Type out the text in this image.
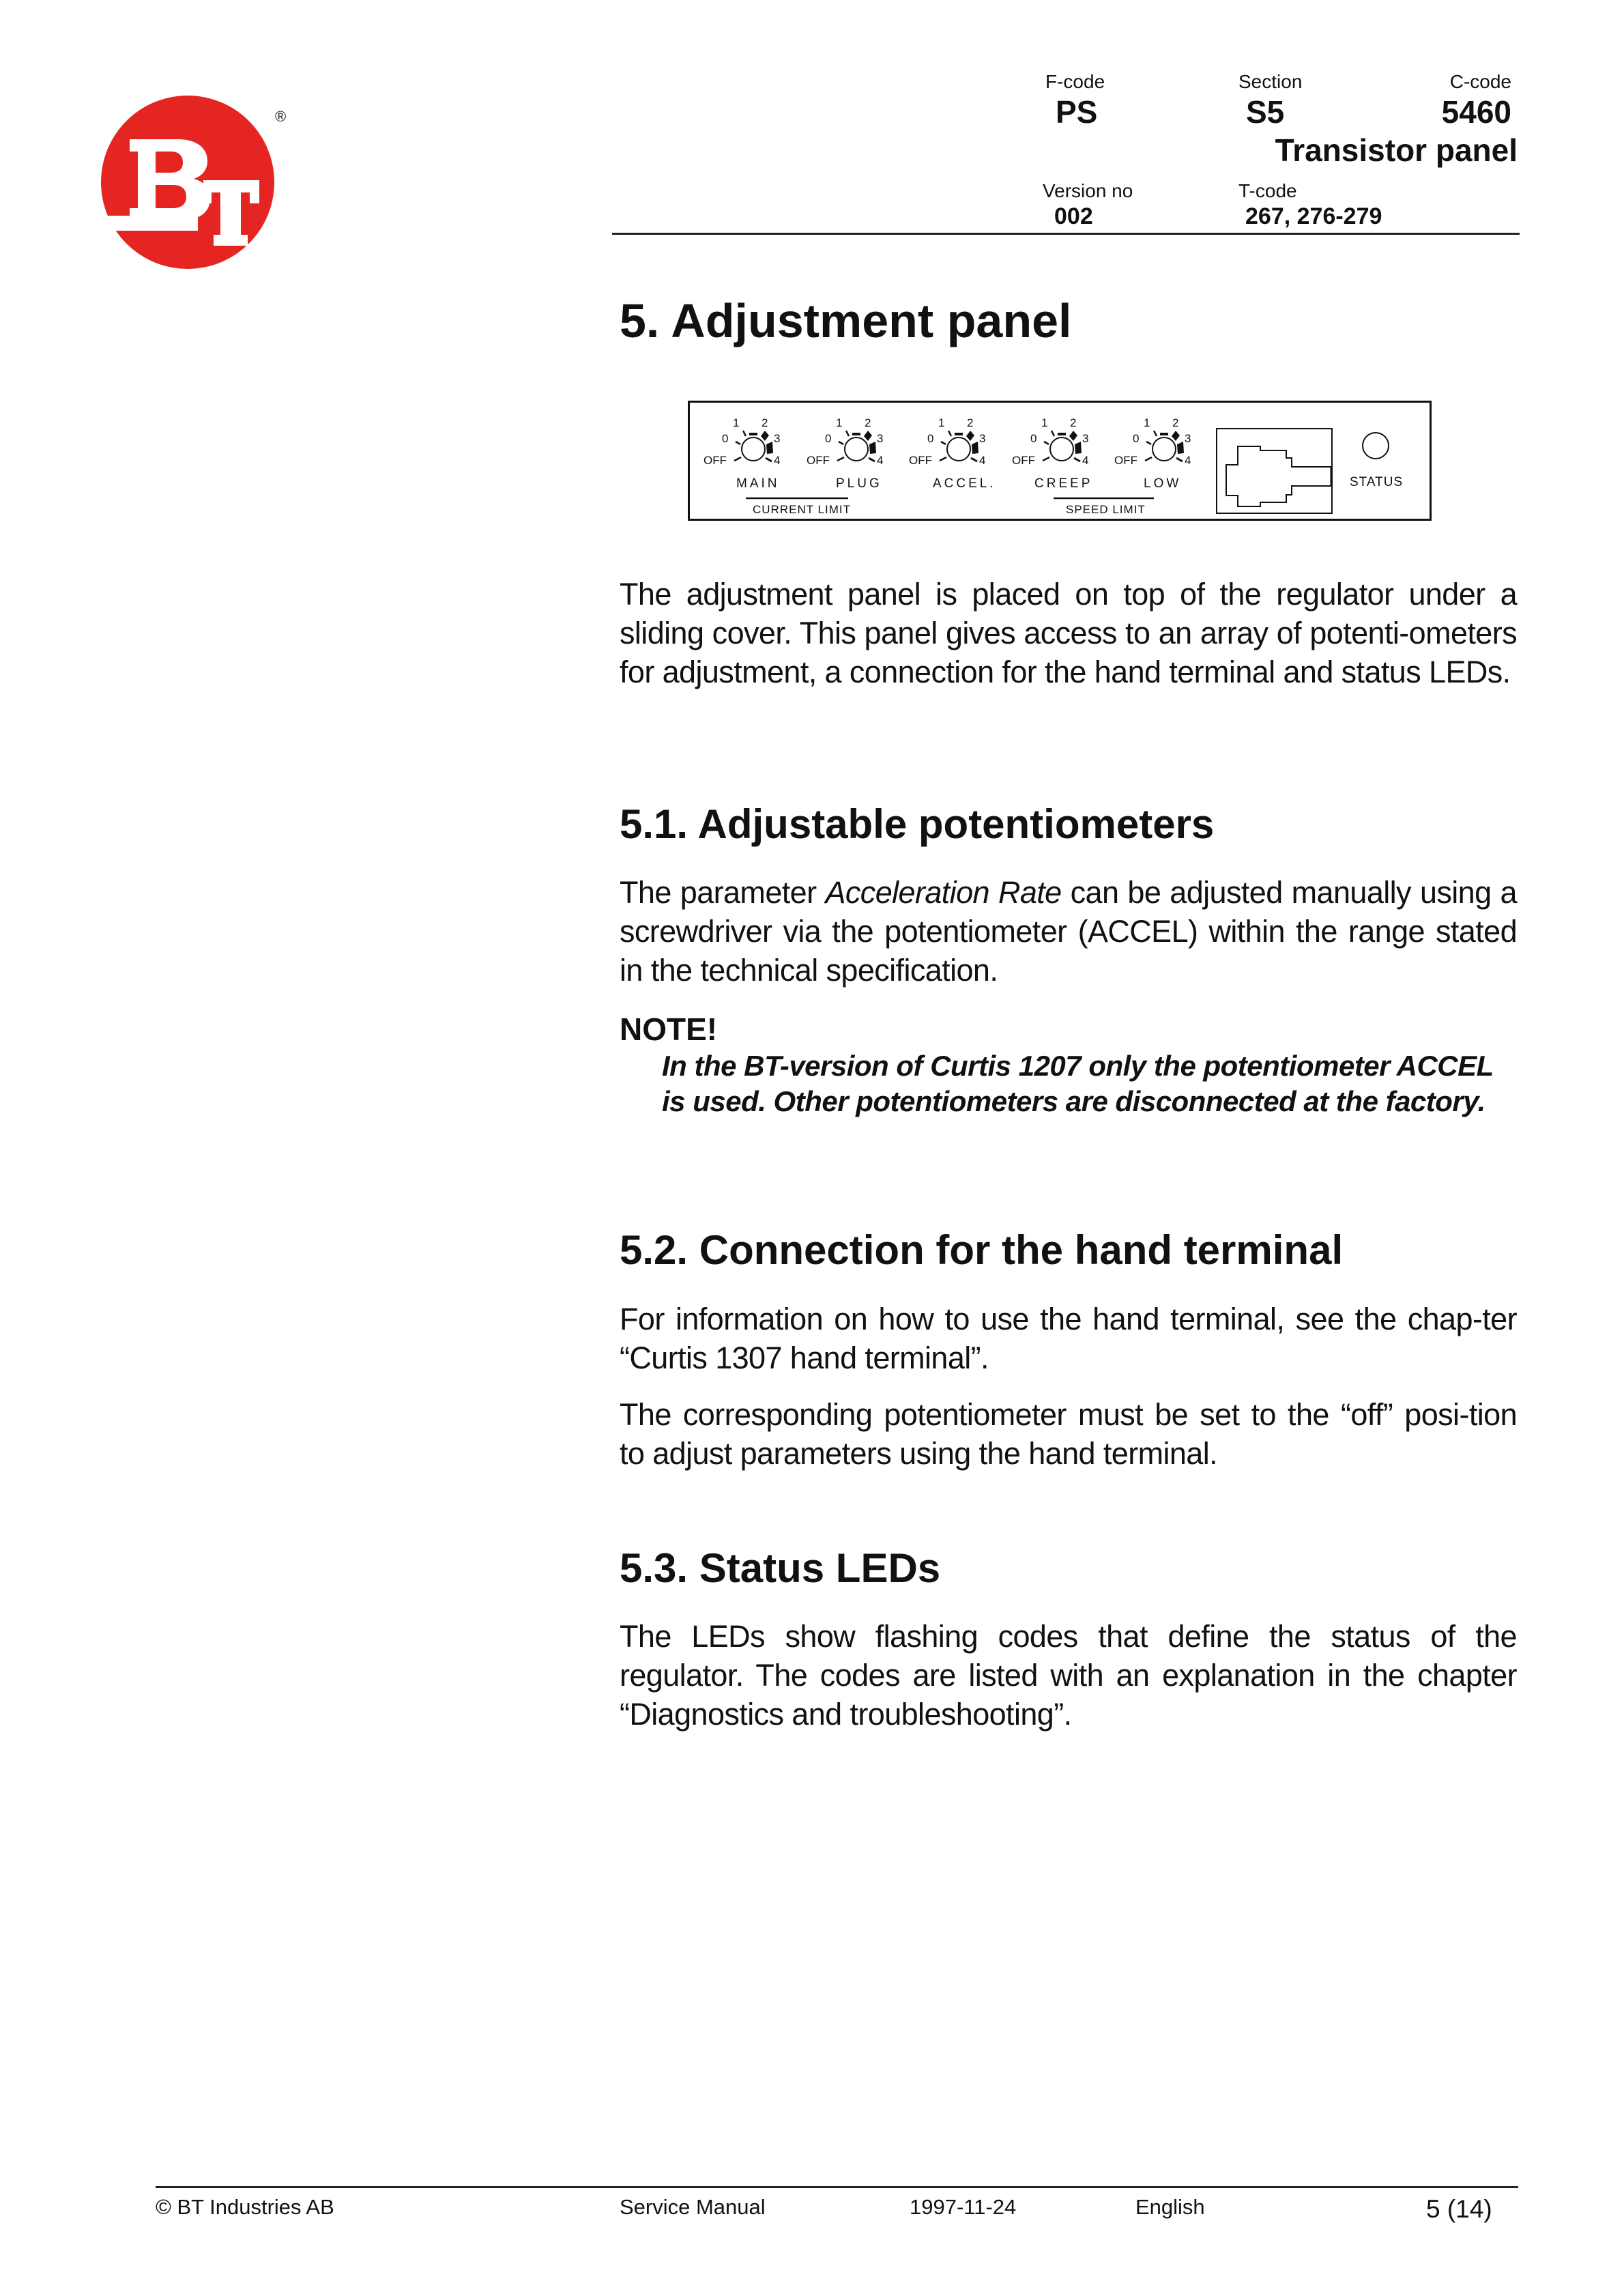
®
F-code
PS
Section
S5
C-code
5460
Transistor panel
Version no
002
T-code
267, 276-279
5. Adjustment panel
1 2
0	3
OFF	4
1 2
0	3
OFF	4
1 2
0	3
OFF	4
1 2
0	3
OFF	4
1 2
0	3
OFF	4
MAIN	PLUG	ACCEL.	CREEP	LOW
CURRENT LIMIT	SPEED LIMIT
STATUS

The adjustment panel is placed on top of the regulator under a sliding cover. This panel gives access to an array of potenti-ometers for adjustment, a connection for the hand terminal and status LEDs.

5.1. Adjustable potentiometers

The parameter Acceleration Rate can be adjusted manually using a screwdriver via the potentiometer (ACCEL) within the range stated in the technical specification.

NOTE!

In the BT-version of Curtis 1207 only the potentiometer ACCEL is used. Other potentiometers are disconnected at the factory.

5.2. Connection for the hand terminal

For information on how to use the hand terminal, see the chap-ter “Curtis 1307 hand terminal”.

The corresponding potentiometer must be set to the “off” posi-tion to adjust parameters using the hand terminal.

5.3. Status LEDs

The LEDs show flashing codes that define the status of the regulator. The codes are listed with an explanation in the chapter “Diagnostics and troubleshooting”.

© BT Industries AB	Service Manual	1997-11-24	English	5 (14)
